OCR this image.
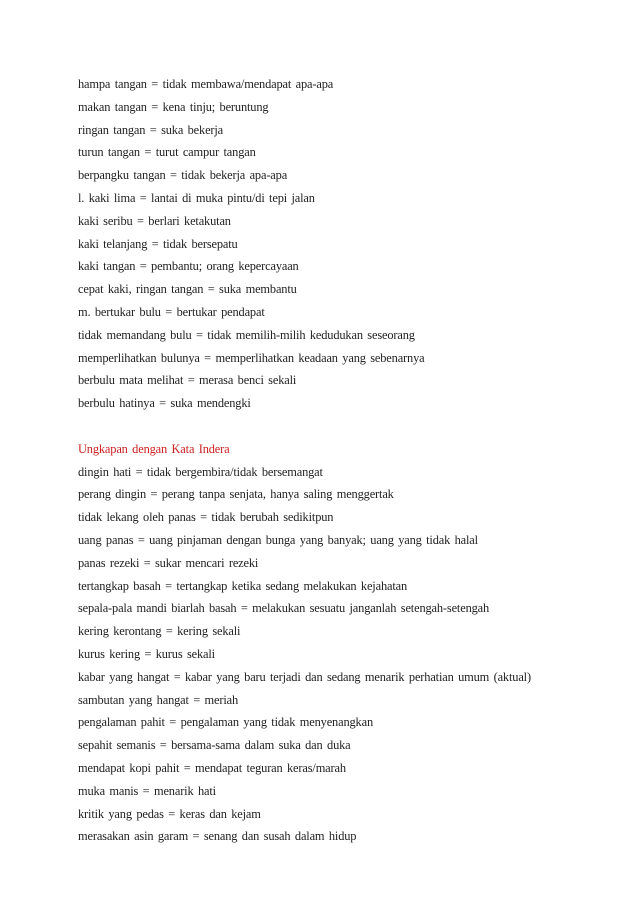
hampa tangan = tidak membawa/mendapat apa-apa
makan tangan = kena tinju; beruntung
ringan tangan = suka bekerja
turun tangan = turut campur tangan
berpangku tangan = tidak bekerja apa-apa
l. kaki lima = lantai di muka pintu/di tepi jalan
kaki seribu = berlari ketakutan
kaki telanjang = tidak bersepatu
kaki tangan = pembantu; orang kepercayaan
cepat kaki, ringan tangan = suka membantu
m. bertukar bulu = bertukar pendapat
tidak memandang bulu = tidak memilih-milih kedudukan seseorang
memperlihatkan bulunya = memperlihatkan keadaan yang sebenarnya
berbulu mata melihat = merasa benci sekali
berbulu hatinya = suka mendengki
Ungkapan dengan Kata Indera
dingin hati = tidak bergembira/tidak bersemangat
perang dingin = perang tanpa senjata, hanya saling menggertak
tidak lekang oleh panas = tidak berubah sedikitpun
uang panas = uang pinjaman dengan bunga yang banyak; uang yang tidak halal
panas rezeki = sukar mencari rezeki
tertangkap basah = tertangkap ketika sedang melakukan kejahatan
sepala-pala mandi biarlah basah = melakukan sesuatu janganlah setengah-setengah
kering kerontang = kering sekali
kurus kering = kurus sekali
kabar yang hangat = kabar yang baru terjadi dan sedang menarik perhatian umum (aktual)
sambutan yang hangat = meriah
pengalaman pahit = pengalaman yang tidak menyenangkan
sepahit semanis = bersama-sama dalam suka dan duka
mendapat kopi pahit = mendapat teguran keras/marah
muka manis = menarik hati
kritik yang pedas = keras dan kejam
merasakan asin garam = senang dan susah dalam hidup
